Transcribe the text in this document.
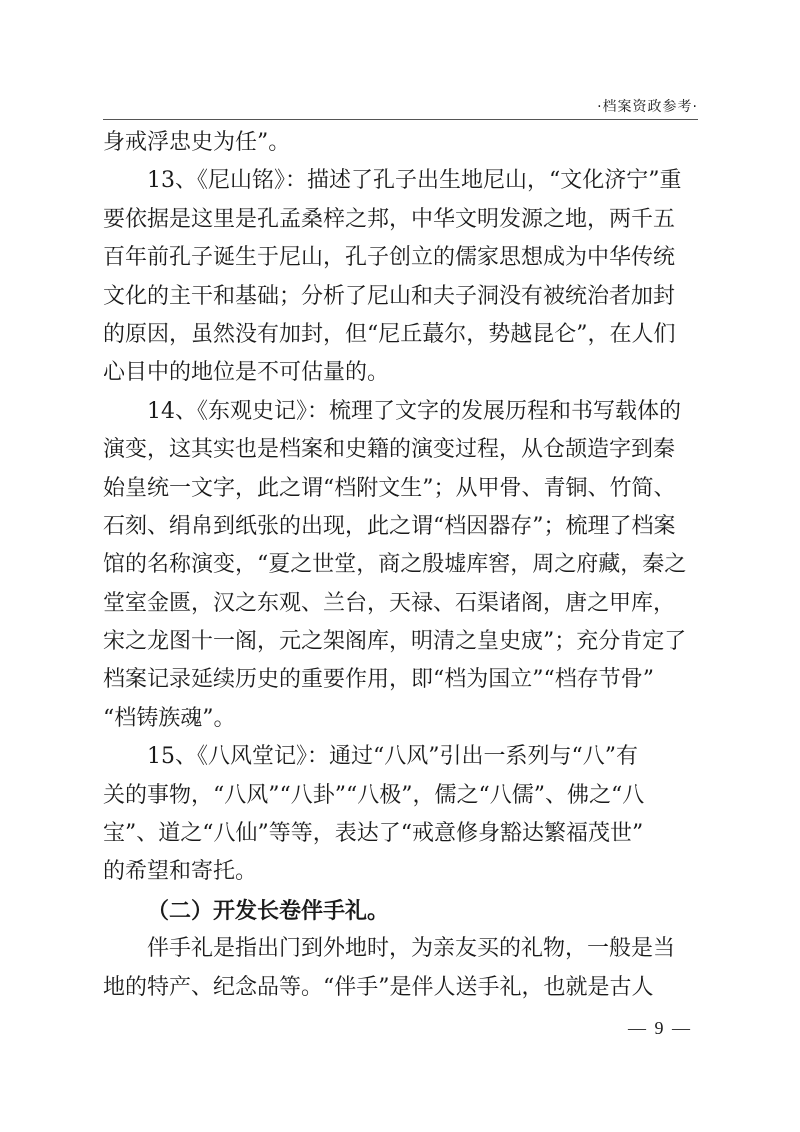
·档案资政参考·
身戒浮忠史为任”。
13、《尼山铭》：描述了孔子出生地尼山，“文化济宁”重
要依据是这里是孔孟桑梓之邦，中华文明发源之地，两千五
百年前孔子诞生于尼山，孔子创立的儒家思想成为中华传统
文化的主干和基础；分析了尼山和夫子洞没有被统治者加封
的原因，虽然没有加封，但“尼丘蕞尔，势越昆仑”，在人们
心目中的地位是不可估量的。
14、《东观史记》：梳理了文字的发展历程和书写载体的
演变，这其实也是档案和史籍的演变过程，从仓颉造字到秦
始皇统一文字，此之谓“档附文生”；从甲骨、青铜、竹简、
石刻、绢帛到纸张的出现，此之谓“档因器存”；梳理了档案
馆的名称演变，“夏之世堂，商之殷墟库窖，周之府藏，秦之
堂室金匮，汉之东观、兰台，天禄、石渠诸阁，唐之甲库，
宋之龙图十一阁，元之架阁库，明清之皇史宬”；充分肯定了
档案记录延续历史的重要作用，即“档为国立”“档存节骨”
“档铸族魂”。
15、《八风堂记》：通过“八风”引出一系列与“八”有
关的事物，“八风”“八卦”“八极”，儒之“八儒”、佛之“八
宝”、道之“八仙”等等，表达了“戒意修身豁达繁福茂世”
的希望和寄托。
（二）开发长卷伴手礼。
伴手礼是指出门到外地时，为亲友买的礼物，一般是当
地的特产、纪念品等。“伴手”是伴人送手礼，也就是古人
— 9 —
